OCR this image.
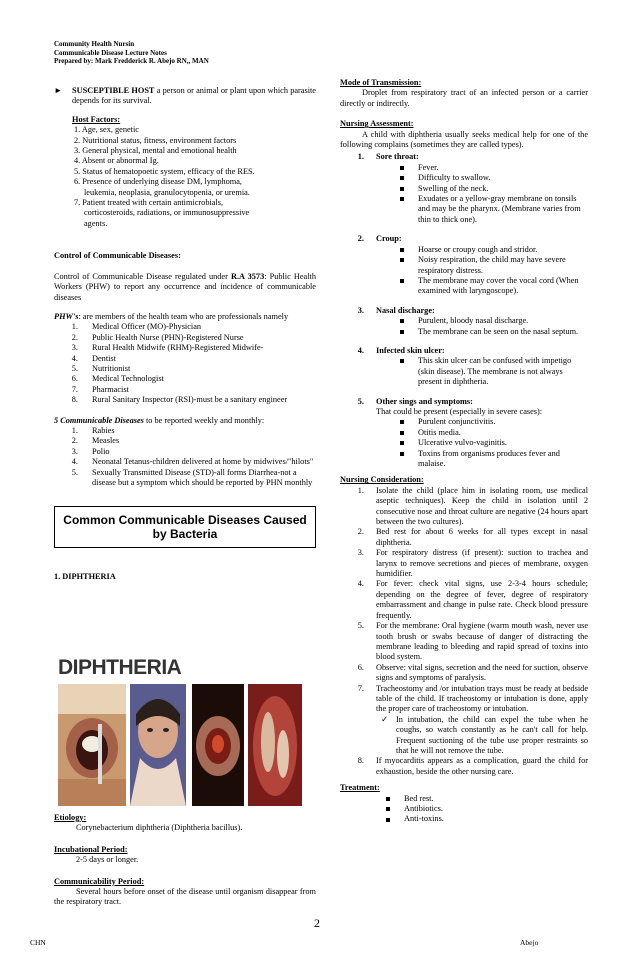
Community Health Nursin
Communicable Disease Lecture Notes
Prepared by: Mark Fredderick R. Abejo RN,, MAN
►	SUSCEPTIBLE HOST a person or animal or plant upon which parasite depends for its survival.
Host Factors:
1. Age, sex, genetic
2. Nutritional status, fitness, environment factors
3. General physical, mental and emotional health
4. Absent or abnormal Ig.
5. Status of hematopoetic system, efficacy of the RES.
6. Presence of underlying disease DM, lymphoma,
leukemia, neoplasia, granulocytopenia, or uremia.
7. Patient treated with certain antimicrobials,
corticosteroids, radiations, or immunosuppressive
agents.
Control of Communicable Diseases:

Control of Communicable Disease regulated under R.A 3573: Public Health Workers (PHW) to report any occurrence and incidence of communicable diseases

PHW's: are members of the health team who are professionals namely

1.	Medical Officer (MO)-Physician
2.	Public Health Nurse (PHN)-Registered Nurse
3.	Rural Health Midwife (RHM)-Registered Midwife-
4.	Dentist
5.	Nutritionist
6.	Medical Technologist
7.	Pharmacist
8.	Rural Sanitary Inspector (RSI)-must be a sanitary engineer

5 Communicable Diseases to be reported weekly and monthly:

1.	Rabies
2.	Measles
3.	Polio
4.	Neonatal Tetanus-children delivered at home by midwives/"hilots"
5.	Sexually Transmitted Disease (STD)-all forms Diarrhea-not a disease but a symptom which should be reported by PHN monthly
Common Communicable Diseases Caused by Bacteria
1. DIPHTHERIA
DIPHTHERIA
Etiology:
Corynebacterium diphtheria (Diphtheria bacillus).
Incubational Period:
2-5 days or longer.
Communicability Period:

Several hours before onset of the disease until organism disappear from the respiratory tract.

Mode of Transmission:

Droplet from respiratory tract of an infected person or a carrier directly or indirectly.

Nursing Assessment:

A child with diphtheria usually seeks medical help for one of the following complains (sometimes they are called types).

1.	Sore throat:
Fever.
Difficulty to swallow.
Swelling of the neck.
Exudates or a yellow-gray membrane on tonsils and may be the pharynx. (Membrane varies from thin to thick one).
2.	Croup:
Hoarse or croupy cough and stridor.
Noisy respiration, the child may have severe respiratory distress.
The membrane may cover the vocal cord (When examined with laryngoscope).
3.	Nasal discharge:
Purulent, bloody nasal discharge.
The membrane can be seen on the nasal septum.
4.	Infected skin ulcer:
This skin ulcer can be confused with impetigo (skin disease). The membrane is not always present in diphtheria.
5.	Other sings and symptoms:
That could be present (especially in severe cases):
Purulent conjunctivitis.
Otitis media.
Ulcerative vulvo-vaginitis.
Toxins from organisms produces fever and malaise.
Nursing Consideration:
1.	Isolate the child (place him in isolating room, use medical aseptic techniques). Keep the child in isolation until 2 consecutive nose and throat culture are negative (24 hours apart between the two cultures).
2.	Bed rest for about 6 weeks for all types except in nasal diphtheria.
3.	For respiratory distress (if present): suction to trachea and larynx to remove secretions and pieces of membrane, oxygen humidifier.
4.	For fever: check vital signs, use 2-3-4 hours schedule; depending on the degree of fever, degree of respiratory embarrassment and change in pulse rate. Check blood pressure frequently.
5.	For the membrane: Oral hygiene (warm mouth wash, never use tooth brush or swabs because of danger of distracting the membrane leading to bleeding and rapid spread of toxins into blood system.
6.	Observe: vital signs, secretion and the need for suction, observe signs and symptoms of paralysis.
7.	Tracheostomy and /or intubation trays must be ready at bedside table of the child. If tracheostomy or intubation is done, apply the proper care of tracheostomy or intubation.
✓ In intubation, the child can expel the tube when he coughs, so watch constantly as he can't call for help. Frequent suctioning of the tube use proper restraints so that he will not remove the tube.
8.	If myocarditis appears as a complication, guard the child for exhaustion, beside the other nursing care.
Treatment:
Bed rest.
Antibiotics.
Anti-toxins.
2
CHN	Abejo
